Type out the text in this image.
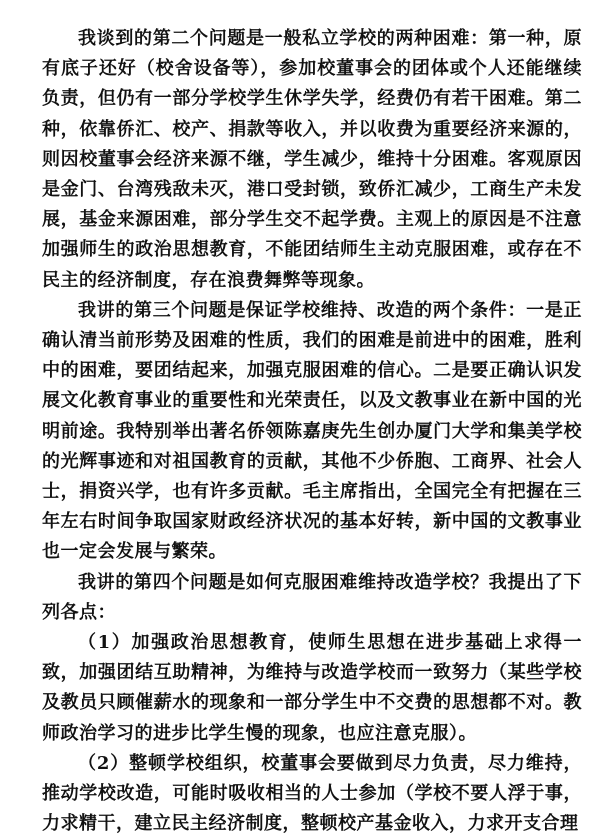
我谈到的第二个问题是一般私立学校的两种困难：第一种，原有底子还好（校舍设备等），参加校董事会的团体或个人还能继续负责，但仍有一部分学校学生休学失学，经费仍有若干困难。第二种，依靠侨汇、校产、捐款等收入，并以收费为重要经济来源的，则因校董事会经济来源不继，学生减少，维持十分困难。客观原因是金门、台湾残敌未灭，港口受封锁，致侨汇减少，工商生产未发展，基金来源困难，部分学生交不起学费。主观上的原因是不注意加强师生的政治思想教育，不能团结师生主动克服困难，或存在不民主的经济制度，存在浪费舞弊等现象。

我讲的第三个问题是保证学校维持、改造的两个条件：一是正确认清当前形势及困难的性质，我们的困难是前进中的困难，胜利中的困难，要团结起来，加强克服困难的信心。二是要正确认识发展文化教育事业的重要性和光荣责任，以及文教事业在新中国的光明前途。我特别举出著名侨领陈嘉庚先生创办厦门大学和集美学校的光辉事迹和对祖国教育的贡献，其他不少侨胞、工商界、社会人士，捐资兴学，也有许多贡献。毛主席指出，全国完全有把握在三年左右时间争取国家财政经济状况的基本好转，新中国的文教事业也一定会发展与繁荣。

我讲的第四个问题是如何克服困难维持改造学校？我提出了下列各点：

（1）加强政治思想教育，使师生思想在进步基础上求得一致，加强团结互助精神，为维持与改造学校而一致努力（某些学校及教员只顾催薪水的现象和一部分学生中不交费的思想都不对。教师政治学习的进步比学生慢的现象，也应注意克服）。

（2）整顿学校组织，校董事会要做到尽力负责，尽力维持，推动学校改造，可能时吸收相当的人士参加（学校不要人浮于事，力求精干，建立民主经济制度，整顿校产基金收入，力求开支合理
